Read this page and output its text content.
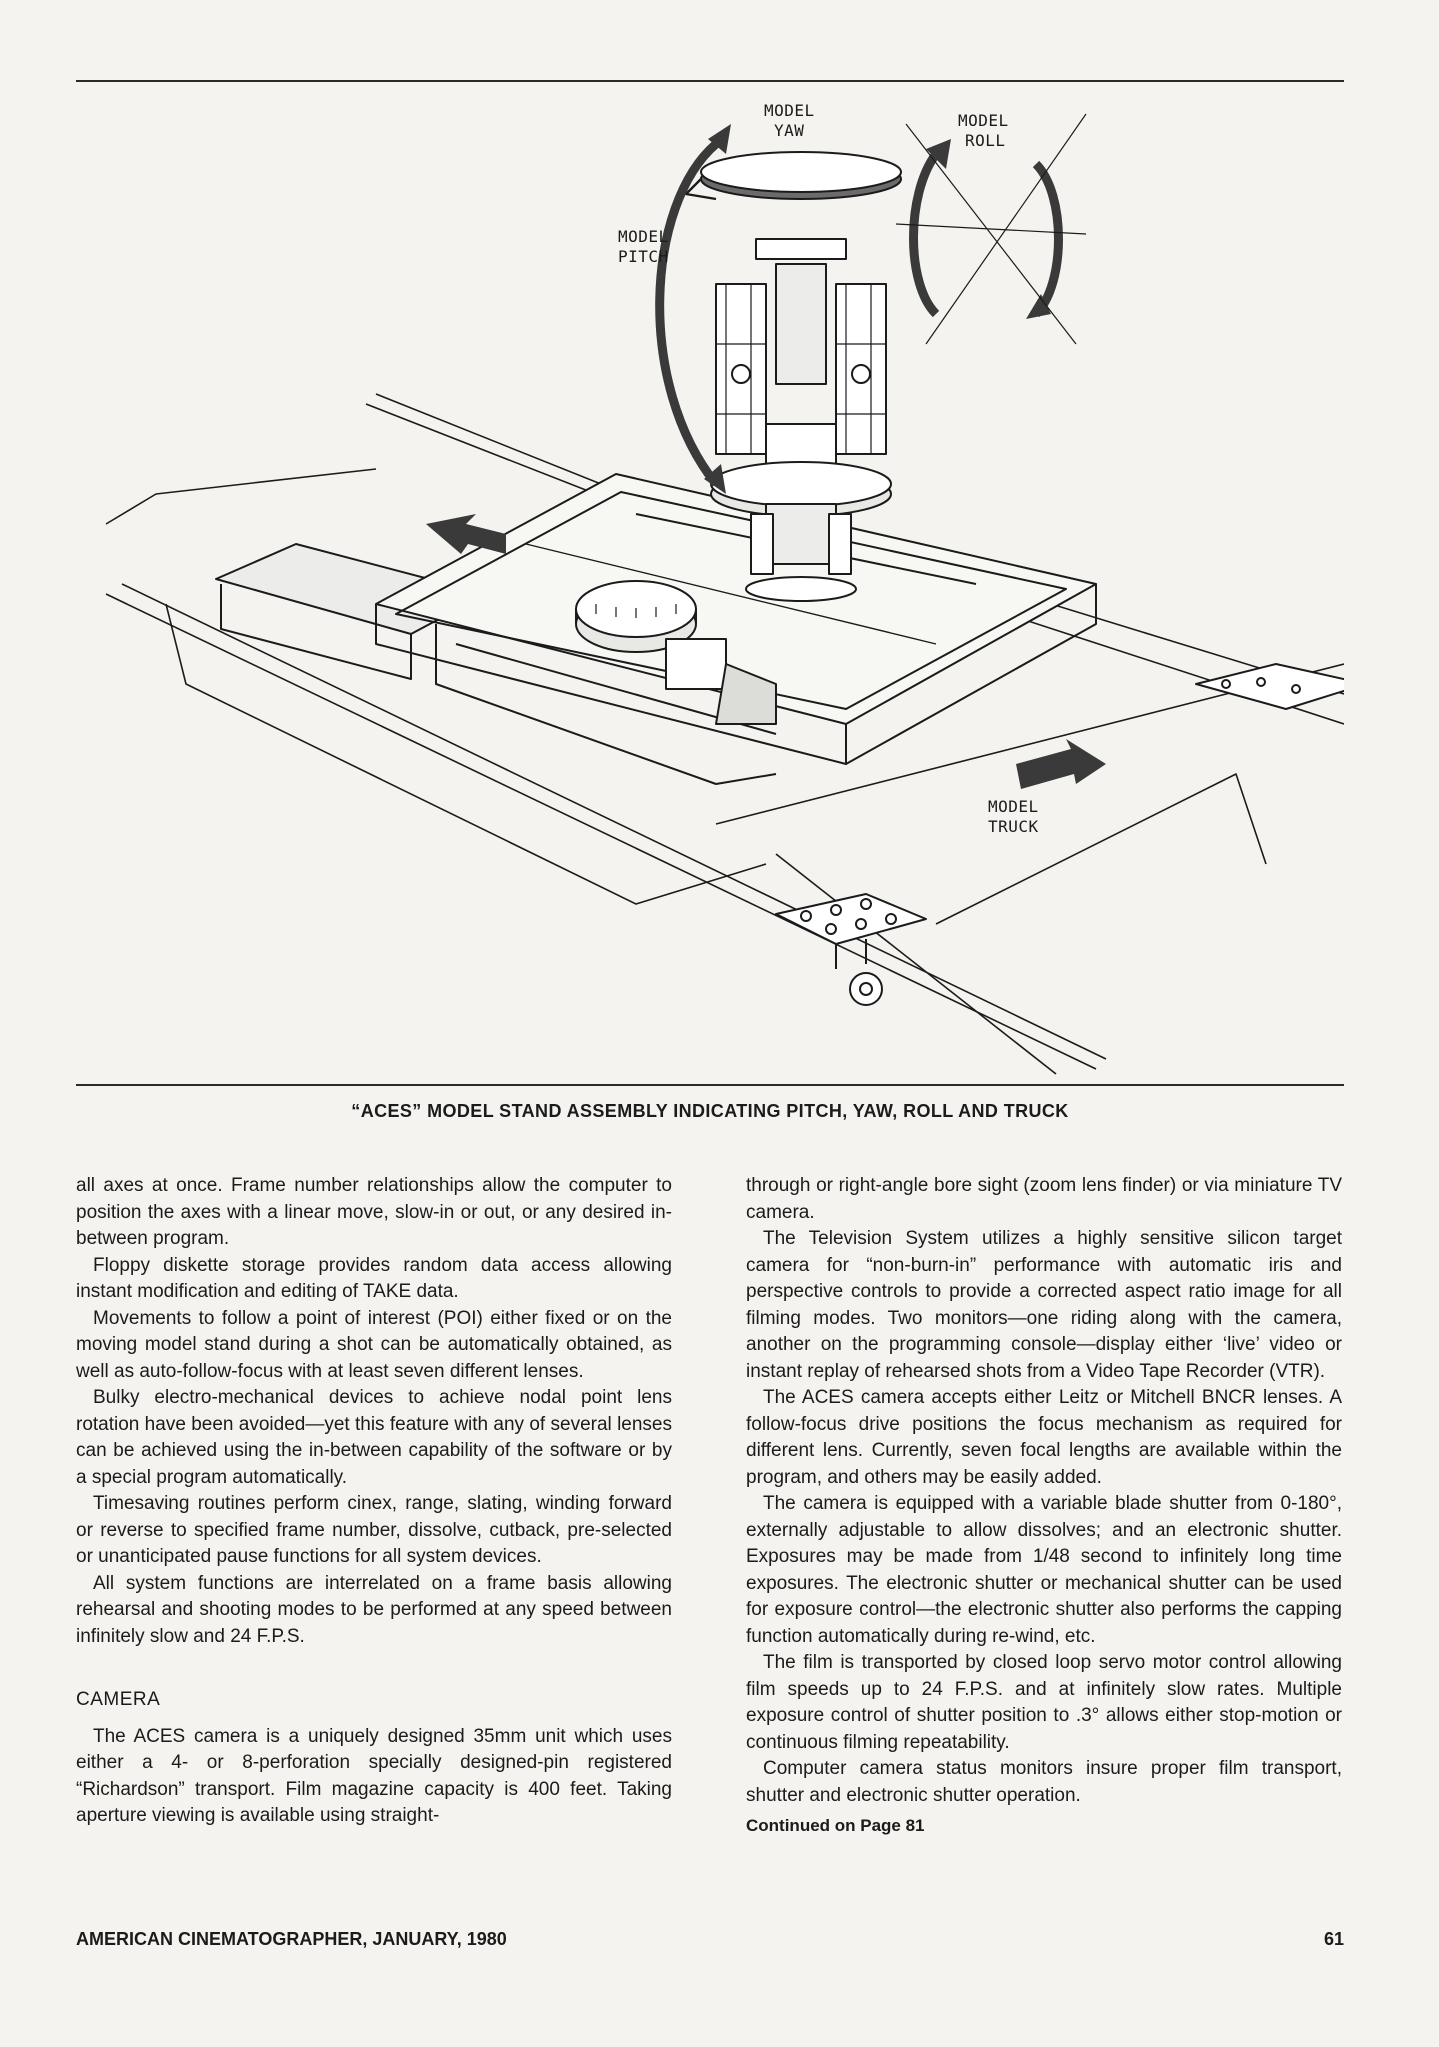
MODEL
YAW
MODEL
ROLL
MODEL
PITCH
MODEL
TRUCK
“ACES” MODEL STAND ASSEMBLY INDICATING PITCH, YAW, ROLL AND TRUCK

all axes at once. Frame number relationships allow the computer to position the axes with a linear move, slow-in or out, or any desired in-between program.

Floppy diskette storage provides random data access allowing instant modification and editing of TAKE data.

Movements to follow a point of interest (POI) either fixed or on the moving model stand during a shot can be automatically obtained, as well as auto-follow-focus with at least seven different lenses.

Bulky electro-mechanical devices to achieve nodal point lens rotation have been avoided—yet this feature with any of several lenses can be achieved using the in-between capability of the software or by a special program automatically.

Timesaving routines perform cinex, range, slating, winding forward or reverse to specified frame number, dissolve, cutback, pre-selected or unanticipated pause functions for all system devices.

All system functions are interrelated on a frame basis allowing rehearsal and shooting modes to be performed at any speed between infinitely slow and 24 F.P.S.

CAMERA

The ACES camera is a uniquely designed 35mm unit which uses either a 4- or 8-perforation specially designed-pin registered “Richardson” transport. Film magazine capacity is 400 feet. Taking aperture viewing is available using straight-

through or right-angle bore sight (zoom lens finder) or via miniature TV camera.

The Television System utilizes a highly sensitive silicon target camera for “non-burn-in” performance with automatic iris and perspective controls to provide a corrected aspect ratio image for all filming modes. Two monitors—one riding along with the camera, another on the programming console—display either ‘live’ video or instant replay of rehearsed shots from a Video Tape Recorder (VTR).

The ACES camera accepts either Leitz or Mitchell BNCR lenses. A follow-focus drive positions the focus mechanism as required for different lens. Currently, seven focal lengths are available within the program, and others may be easily added.

The camera is equipped with a variable blade shutter from 0-180°, externally adjustable to allow dissolves; and an electronic shutter. Exposures may be made from 1/48 second to infinitely long time exposures. The electronic shutter or mechanical shutter can be used for exposure control—the electronic shutter also performs the capping function automatically during re-wind, etc.

The film is transported by closed loop servo motor control allowing film speeds up to 24 F.P.S. and at infinitely slow rates. Multiple exposure control of shutter position to .3° allows either stop-motion or continuous filming repeatability.

Computer camera status monitors insure proper film transport, shutter and electronic shutter operation.

Continued on Page 81

AMERICAN CINEMATOGRAPHER, JANUARY, 1980	61
